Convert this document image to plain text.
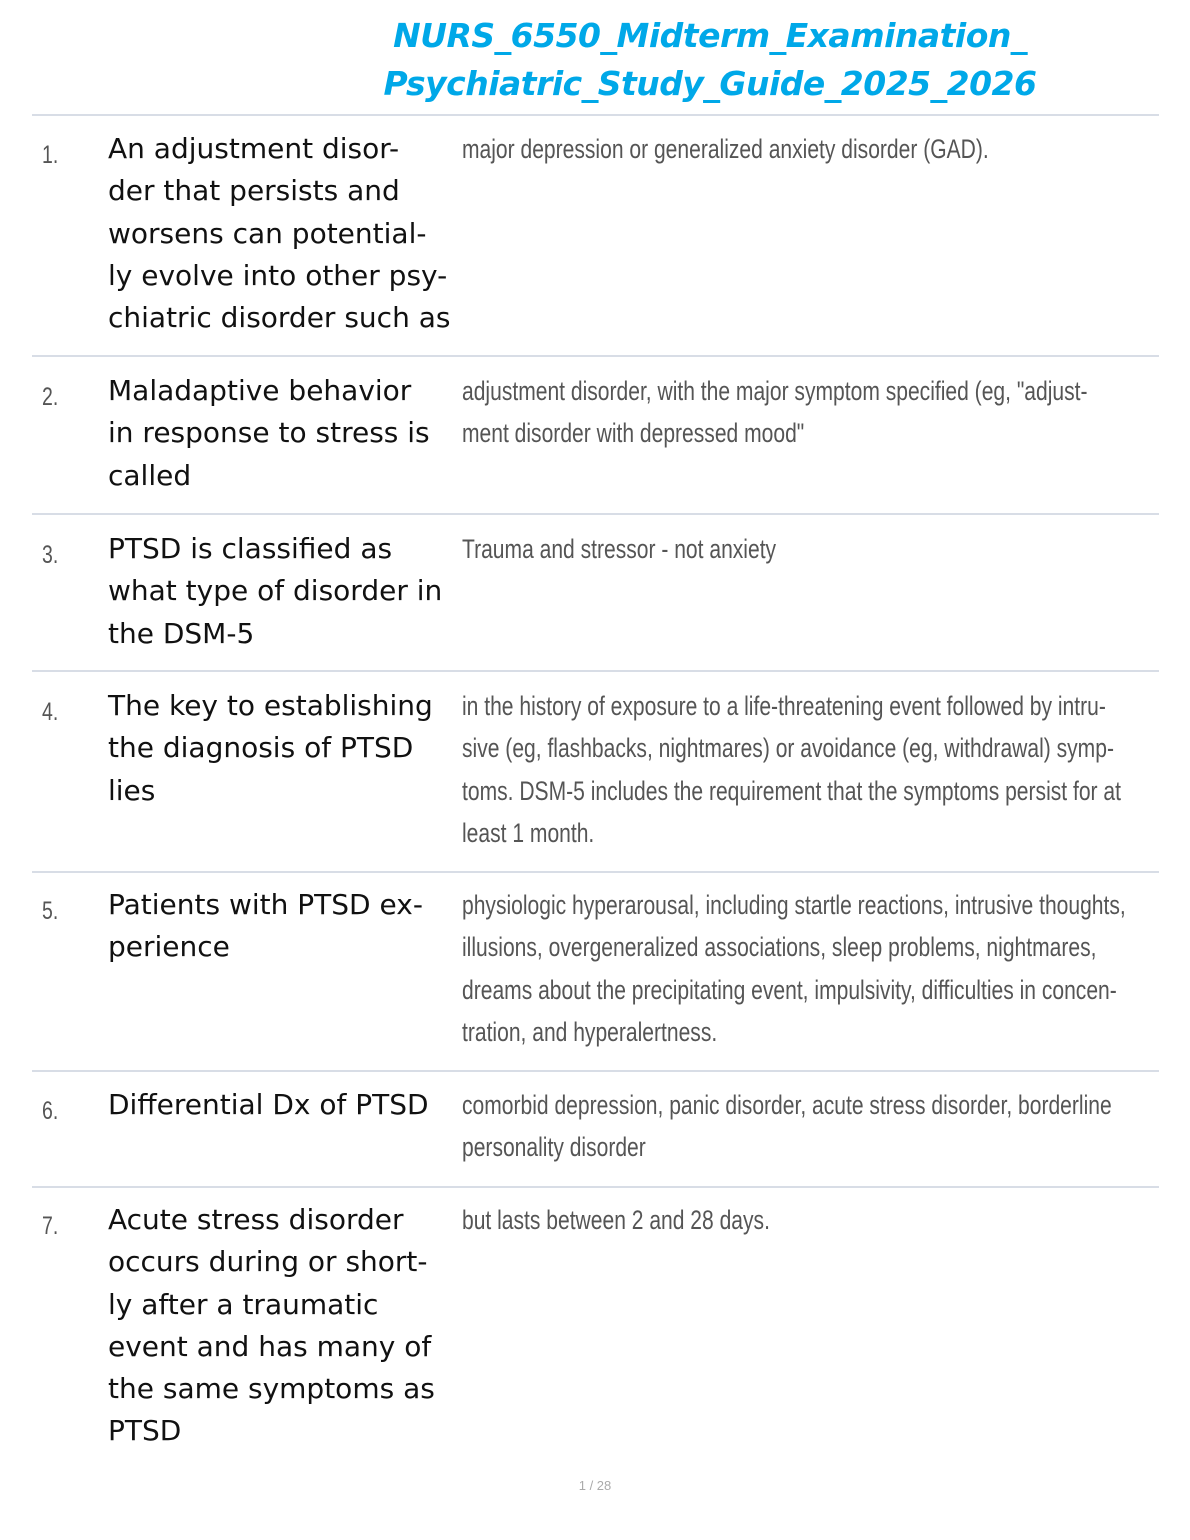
NURS_6550_Midterm_Examination_
Psychiatric_Study_Guide_2025_2026
1. An adjustment disor-
der that persists and
worsens can potential-
ly evolve into other psy-
chiatric disorder such as
major depression or generalized anxiety disorder (GAD).
2. Maladaptive behavior
in response to stress is
called
adjustment disorder, with the major symptom specified (eg, "adjust-
ment disorder with depressed mood"
3. PTSD is classified as
what type of disorder in
the DSM-5
Trauma and stressor - not anxiety
4. The key to establishing
the diagnosis of PTSD
lies
in the history of exposure to a life-threatening event followed by intru-
sive (eg, flashbacks, nightmares) or avoidance (eg, withdrawal) symp-
toms. DSM-5 includes the requirement that the symptoms persist for at
least 1 month.
5. Patients with PTSD ex-
perience
physiologic hyperarousal, including startle reactions, intrusive thoughts,
illusions, overgeneralized associations, sleep problems, nightmares,
dreams about the precipitating event, impulsivity, difficulties in concen-
tration, and hyperalertness.
6. Differential Dx of PTSD	comorbid depression, panic disorder, acute stress disorder, borderline
personality disorder
7. Acute stress disorder
occurs during or short-
ly after a traumatic
event and has many of
the same symptoms as
PTSD
but lasts between 2 and 28 days.
1 / 28
